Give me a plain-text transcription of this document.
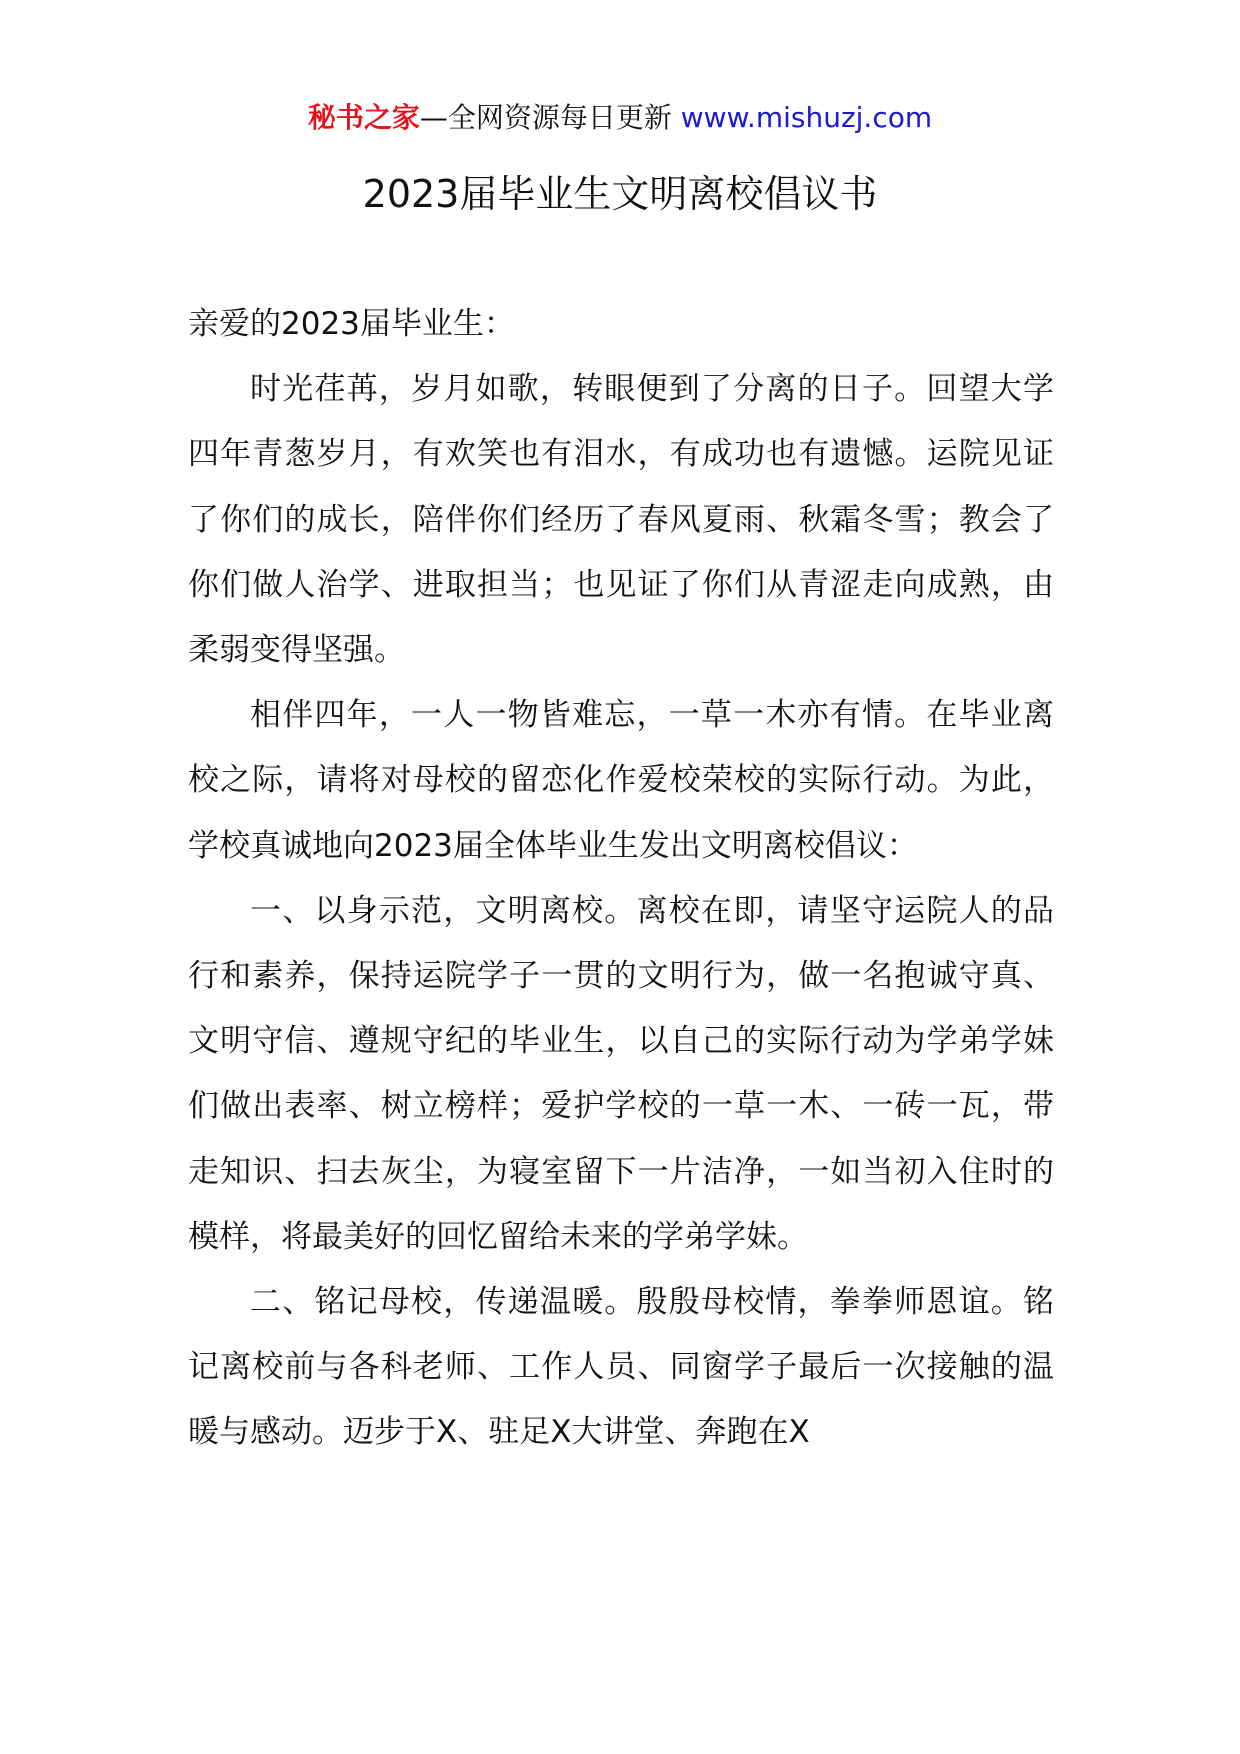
秘书之家—全网资源每日更新 www.mishuzj.com
2023届毕业生文明离校倡议书

亲爱的2023届毕业生：

时光荏苒，岁月如歌，转眼便到了分离的日子。回望大学四年青葱岁月，有欢笑也有泪水，有成功也有遗憾。运院见证了你们的成长，陪伴你们经历了春风夏雨、秋霜冬雪；教会了你们做人治学、进取担当；也见证了你们从青涩走向成熟，由柔弱变得坚强。

相伴四年，一人一物皆难忘，一草一木亦有情。在毕业离校之际，请将对母校的留恋化作爱校荣校的实际行动。为此，学校真诚地向2023届全体毕业生发出文明离校倡议：

一、以身示范，文明离校。离校在即，请坚守运院人的品行和素养，保持运院学子一贯的文明行为，做一名抱诚守真、文明守信、遵规守纪的毕业生，以自己的实际行动为学弟学妹们做出表率、树立榜样；爱护学校的一草一木、一砖一瓦，带走知识、扫去灰尘，为寝室留下一片洁净，一如当初入住时的模样，将最美好的回忆留给未来的学弟学妹。

二、铭记母校，传递温暖。殷殷母校情，拳拳师恩谊。铭记离校前与各科老师、工作人员、同窗学子最后一次接触的温暖与感动。迈步于X、驻足X大讲堂、奔跑在X
